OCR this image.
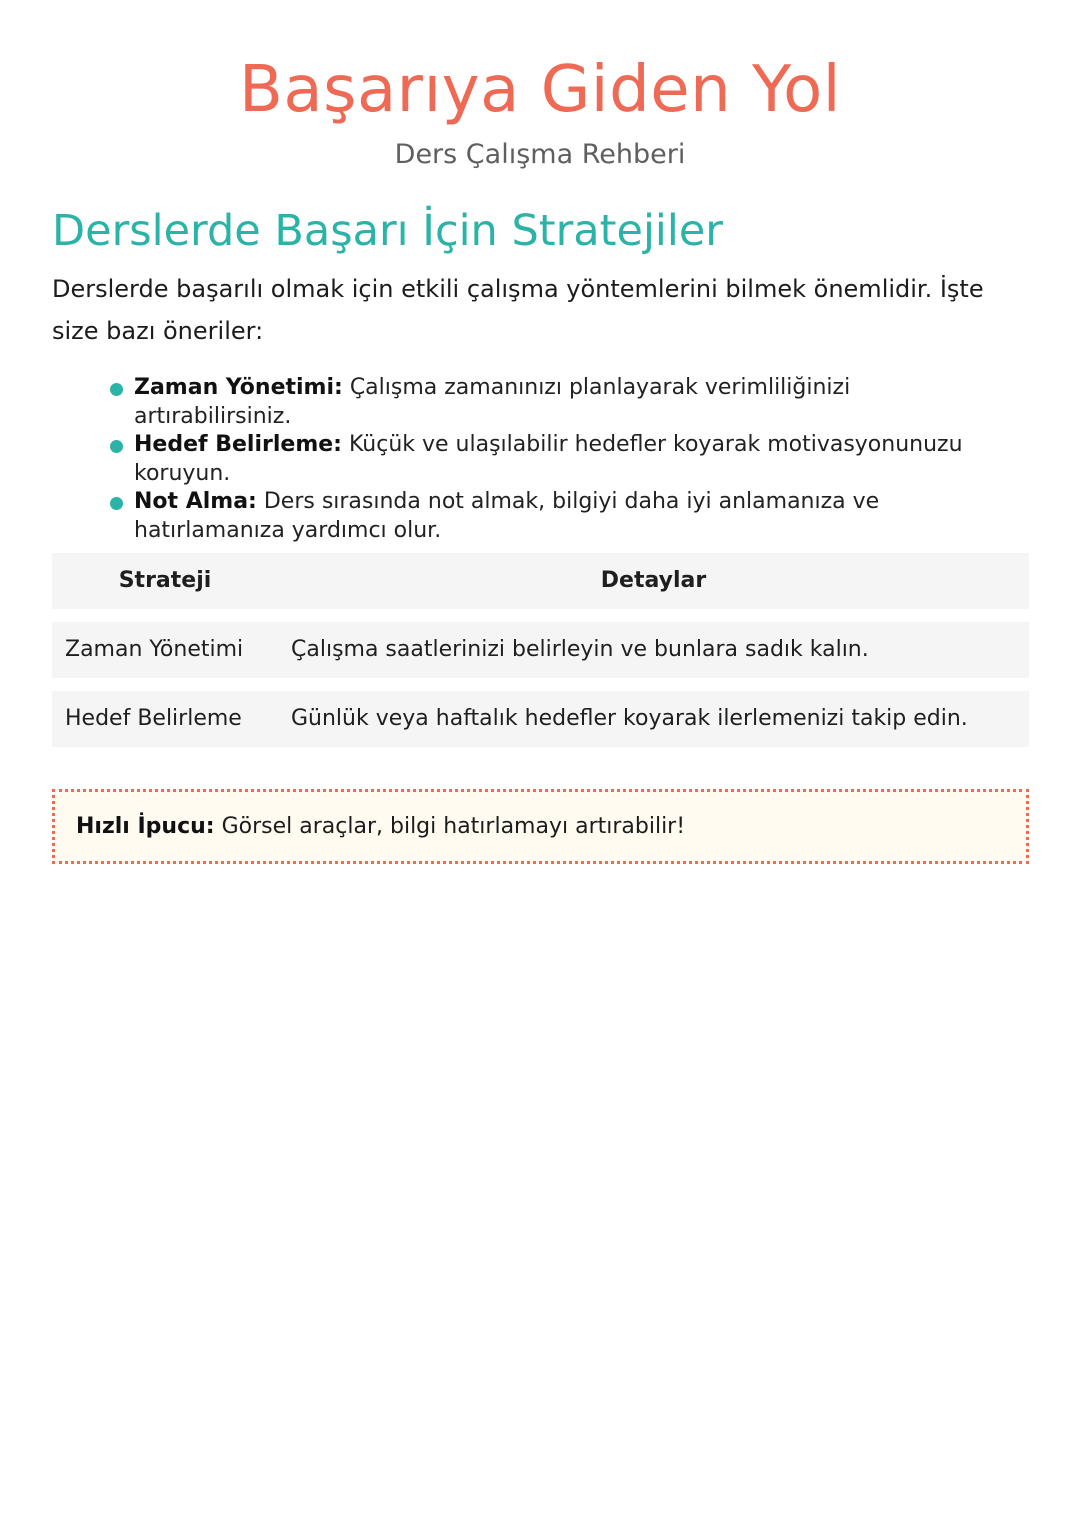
Başarıya Giden Yol

Ders Çalışma Rehberi

Derslerde Başarı İçin Stratejiler

Derslerde başarılı olmak için etkili çalışma yöntemlerini bilmek önemlidir. İşte size bazı öneriler:

Zaman Yönetimi: Çalışma zamanınızı planlayarak verimliliğinizi artırabilirsiniz.
Hedef Belirleme: Küçük ve ulaşılabilir hedefler koyarak motivasyonunuzu koruyun.
Not Alma: Ders sırasında not almak, bilgiyi daha iyi anlamanıza ve hatırlamanıza yardımcı olur.
Strateji	Detaylar
Zaman Yönetimi	Çalışma saatlerinizi belirleyin ve bunlara sadık kalın.
Hedef Belirleme	Günlük veya haftalık hedefler koyarak ilerlemenizi takip edin.
Hızlı İpucu: Görsel araçlar, bilgi hatırlamayı artırabilir!
